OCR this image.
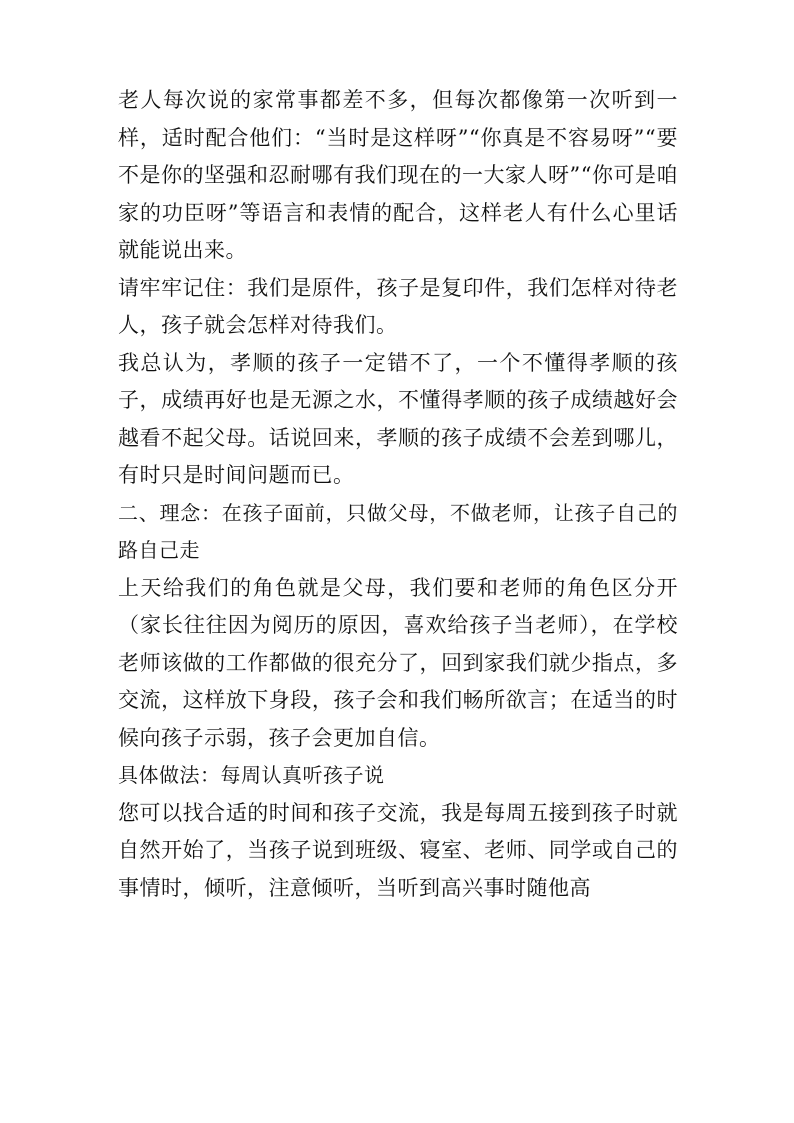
老人每次说的家常事都差不多，但每次都像第一次听到一样，适时配合他们：“当时是这样呀”“你真是不容易呀”“要不是你的坚强和忍耐哪有我们现在的一大家人呀”“你可是咱家的功臣呀”等语言和表情的配合，这样老人有什么心里话就能说出来。

请牢牢记住：我们是原件，孩子是复印件，我们怎样对待老人，孩子就会怎样对待我们。

我总认为，孝顺的孩子一定错不了，一个不懂得孝顺的孩子，成绩再好也是无源之水，不懂得孝顺的孩子成绩越好会越看不起父母。话说回来，孝顺的孩子成绩不会差到哪儿，有时只是时间问题而已。

二、理念：在孩子面前，只做父母，不做老师，让孩子自己的路自己走

上天给我们的角色就是父母，我们要和老师的角色区分开（家长往往因为阅历的原因，喜欢给孩子当老师），在学校老师该做的工作都做的很充分了，回到家我们就少指点，多交流，这样放下身段，孩子会和我们畅所欲言；在适当的时候向孩子示弱，孩子会更加自信。

具体做法：每周认真听孩子说

您可以找合适的时间和孩子交流，我是每周五接到孩子时就自然开始了，当孩子说到班级、寝室、老师、同学或自己的事情时，倾听，注意倾听，当听到高兴事时随他高
